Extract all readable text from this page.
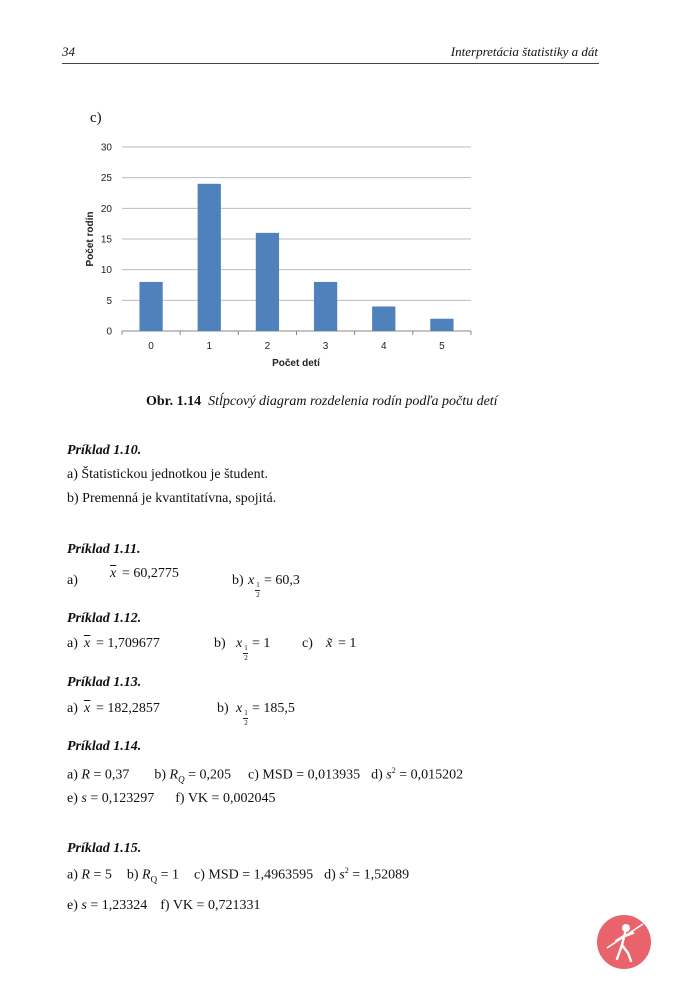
34	Interpretácia štatistiky a dát
c)
0
5
10
15
20
25
30
0	1	2	3	4	5
Počet detí
Počet rodín
Obr. 1.14 Stĺpcový diagram rozdelenia rodín podľa počtu detí
Príklad 1.10.
a) Štatistickou jednotkou je študent.
b) Premenná je kvantitatívna, spojitá.
Príklad 1.11.
a) $\overline{x} = 60,2775$	b) x 1
2
= 60,3
Príklad 1.12.
a) $\overline{x} = 1,709677$	b) x 1
2
= 1 c) x̃ = 1
Príklad 1.13.
a) $\overline{x} = 182,2857$	b) x 1
2
= 185,5
Príklad 1.14.
a) R = 0,37 b) $R_Q = 0,205$ c) MSD = 0,013935 d) $s^2 = 0,015202$
e) s = 0,123297 f) VK = 0,002045
Príklad 1.15.
a) R = 5 b) $R_Q = 1$ c) MSD = 1,4963595 d) $s^2 = 1,52089$
e) s = 1,23324 f) VK = 0,721331
